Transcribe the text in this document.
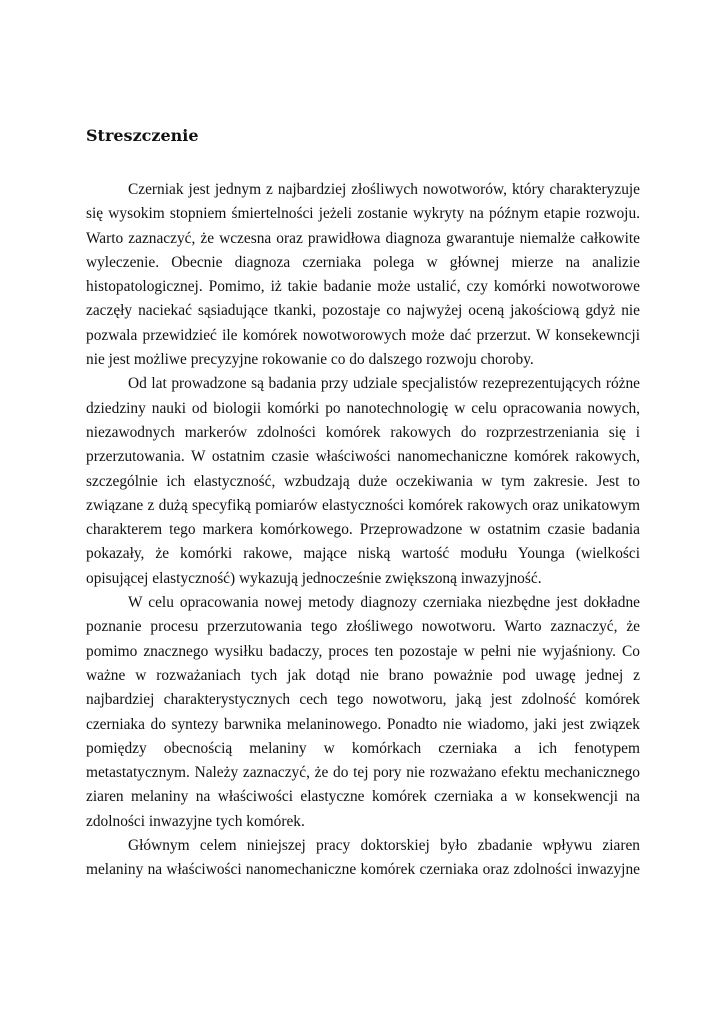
Streszczenie
Czerniak jest jednym z najbardziej złośliwych nowotworów, który charakteryzuje
się wysokim stopniem śmiertelności jeżeli zostanie wykryty na późnym etapie rozwoju.
Warto zaznaczyć, że wczesna oraz prawidłowa diagnoza gwarantuje niemalże całkowite
wyleczenie. Obecnie diagnoza czerniaka polega w głównej mierze na analizie
histopatologicznej. Pomimo, iż takie badanie może ustalić, czy komórki nowotworowe
zaczęły naciekać sąsiadujące tkanki, pozostaje co najwyżej oceną jakościową gdyż nie
pozwala przewidzieć ile komórek nowotworowych może dać przerzut. W konsekewncji
nie jest możliwe precyzyjne rokowanie co do dalszego rozwoju choroby.
Od lat prowadzone są badania przy udziale specjalistów rezeprezentujących różne
dziedziny nauki od biologii komórki po nanotechnologię w celu opracowania nowych,
niezawodnych markerów zdolności komórek rakowych do rozprzestrzeniania się i
przerzutowania. W ostatnim czasie właściwości nanomechaniczne komórek rakowych,
szczególnie ich elastyczność, wzbudzają duże oczekiwania w tym zakresie. Jest to
związane z dużą specyfiką pomiarów elastyczności komórek rakowych oraz unikatowym
charakterem tego markera komórkowego. Przeprowadzone w ostatnim czasie badania
pokazały, że komórki rakowe, mające niską wartość modułu Younga (wielkości
opisującej elastyczność) wykazują jednocześnie zwiększoną inwazyjność.
W celu opracowania nowej metody diagnozy czerniaka niezbędne jest dokładne
poznanie procesu przerzutowania tego złośliwego nowotworu. Warto zaznaczyć, że
pomimo znacznego wysiłku badaczy, proces ten pozostaje w pełni nie wyjaśniony. Co
ważne w rozważaniach tych jak dotąd nie brano poważnie pod uwagę jednej z
najbardziej charakterystycznych cech tego nowotworu, jaką jest zdolność komórek
czerniaka do syntezy barwnika melaninowego. Ponadto nie wiadomo, jaki jest związek
pomiędzy obecnością melaniny w komórkach czerniaka a ich fenotypem
metastatycznym. Należy zaznaczyć, że do tej pory nie rozważano efektu mechanicznego
ziaren melaniny na właściwości elastyczne komórek czerniaka a w konsekwencji na
zdolności inwazyjne tych komórek.
Głównym celem niniejszej pracy doktorskiej było zbadanie wpływu ziaren
melaniny na właściwości nanomechaniczne komórek czerniaka oraz zdolności inwazyjne
